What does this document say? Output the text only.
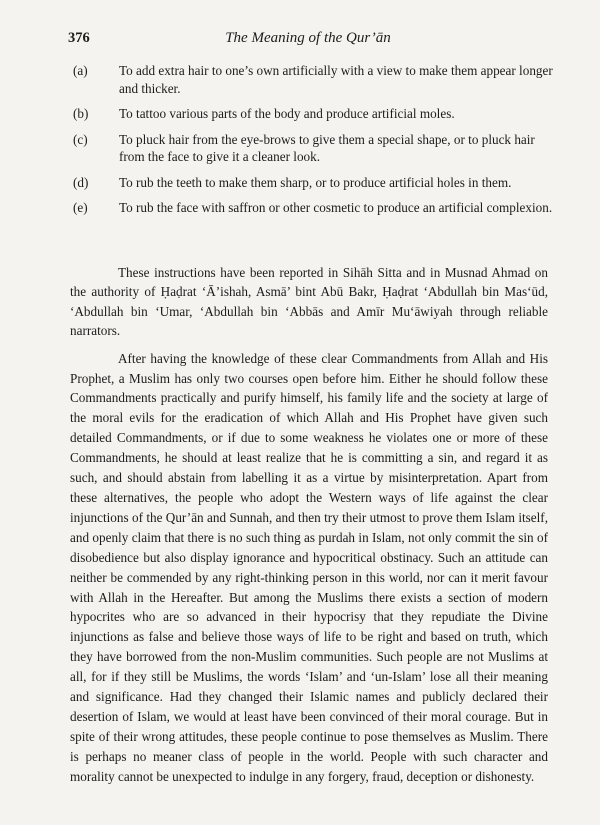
376	The Meaning of the Qur’ān
(a)	To add extra hair to one’s own artificially with a view to make them appear longer and thicker.
(b)	To tattoo various parts of the body and produce artificial moles.
(c)	To pluck hair from the eye-brows to give them a special shape, or to pluck hair from the face to give it a cleaner look.
(d)	To rub the teeth to make them sharp, or to produce artificial holes in them.
(e)	To rub the face with saffron or other cosmetic to produce an artificial complexion.

These instructions have been reported in Sihāh Sitta and in Musnad Ahmad on the authority of Ḥaḍrat ‘Ā’ishah, Asmā’ bint Abū Bakr, Ḥaḍrat ‘Abdullah bin Mas‘ūd, ‘Abdullah bin ‘Umar, ‘Abdullah bin ‘Abbās and Amīr Mu‘āwiyah through reliable narrators.

After having the knowledge of these clear Commandments from Allah and His Prophet, a Muslim has only two courses open before him. Either he should follow these Commandments practically and purify himself, his family life and the society at large of the moral evils for the eradication of which Allah and His Prophet have given such detailed Commandments, or if due to some weakness he violates one or more of these Commandments, he should at least realize that he is committing a sin, and regard it as such, and should abstain from labelling it as a virtue by misinterpretation. Apart from these alternatives, the people who adopt the Western ways of life against the clear injunctions of the Qur’ān and Sunnah, and then try their utmost to prove them Islam itself, and openly claim that there is no such thing as purdah in Islam, not only commit the sin of disobedience but also display ignorance and hypocritical obstinacy. Such an attitude can neither be commended by any right-thinking person in this world, nor can it merit favour with Allah in the Hereafter. But among the Muslims there exists a section of modern hypocrites who are so advanced in their hypocrisy that they repudiate the Divine injunctions as false and believe those ways of life to be right and based on truth, which they have borrowed from the non-Muslim communities. Such people are not Muslims at all, for if they still be Muslims, the words ‘Islam’ and ‘un-Islam’ lose all their meaning and significance. Had they changed their Islamic names and publicly declared their desertion of Islam, we would at least have been convinced of their moral courage. But in spite of their wrong attitudes, these people continue to pose themselves as Muslim. There is perhaps no meaner class of people in the world. People with such character and morality cannot be unexpected to indulge in any forgery, fraud, deception or dishonesty.
